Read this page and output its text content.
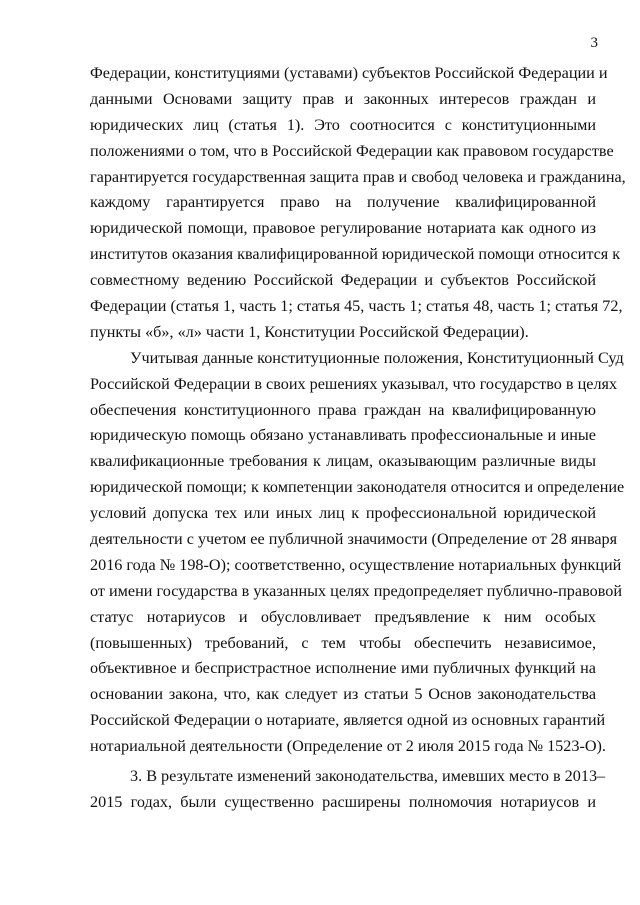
3
Федерации, конституциями (уставами) субъектов Российской Федерации и
данными Основами защиту прав и законных интересов граждан и
юридических лиц (статья 1). Это соотносится с конституционными
положениями о том, что в Российской Федерации как правовом государстве
гарантируется государственная защита прав и свобод человека и гражданина,
каждому гарантируется право на получение квалифицированной
юридической помощи, правовое регулирование нотариата как одного из
институтов оказания квалифицированной юридической помощи относится к
совместному ведению Российской Федерации и субъектов Российской
Федерации (статья 1, часть 1; статья 45, часть 1; статья 48, часть 1; статья 72,
пункты «б», «л» части 1, Конституции Российской Федерации).
Учитывая данные конституционные положения, Конституционный Суд
Российской Федерации в своих решениях указывал, что государство в целях
обеспечения конституционного права граждан на квалифицированную
юридическую помощь обязано устанавливать профессиональные и иные
квалификационные требования к лицам, оказывающим различные виды
юридической помощи; к компетенции законодателя относится и определение
условий допуска тех или иных лиц к профессиональной юридической
деятельности с учетом ее публичной значимости (Определение от 28 января
2016 года № 198-О); соответственно, осуществление нотариальных функций
от имени государства в указанных целях предопределяет публично-правовой
статус нотариусов и обусловливает предъявление к ним особых
(повышенных) требований, с тем чтобы обеспечить независимое,
объективное и беспристрастное исполнение ими публичных функций на
основании закона, что, как следует из статьи 5 Основ законодательства
Российской Федерации о нотариате, является одной из основных гарантий
нотариальной деятельности (Определение от 2 июля 2015 года № 1523-О).
3. В результате изменений законодательства, имевших место в 2013–
2015 годах, были существенно расширены полномочия нотариусов и
